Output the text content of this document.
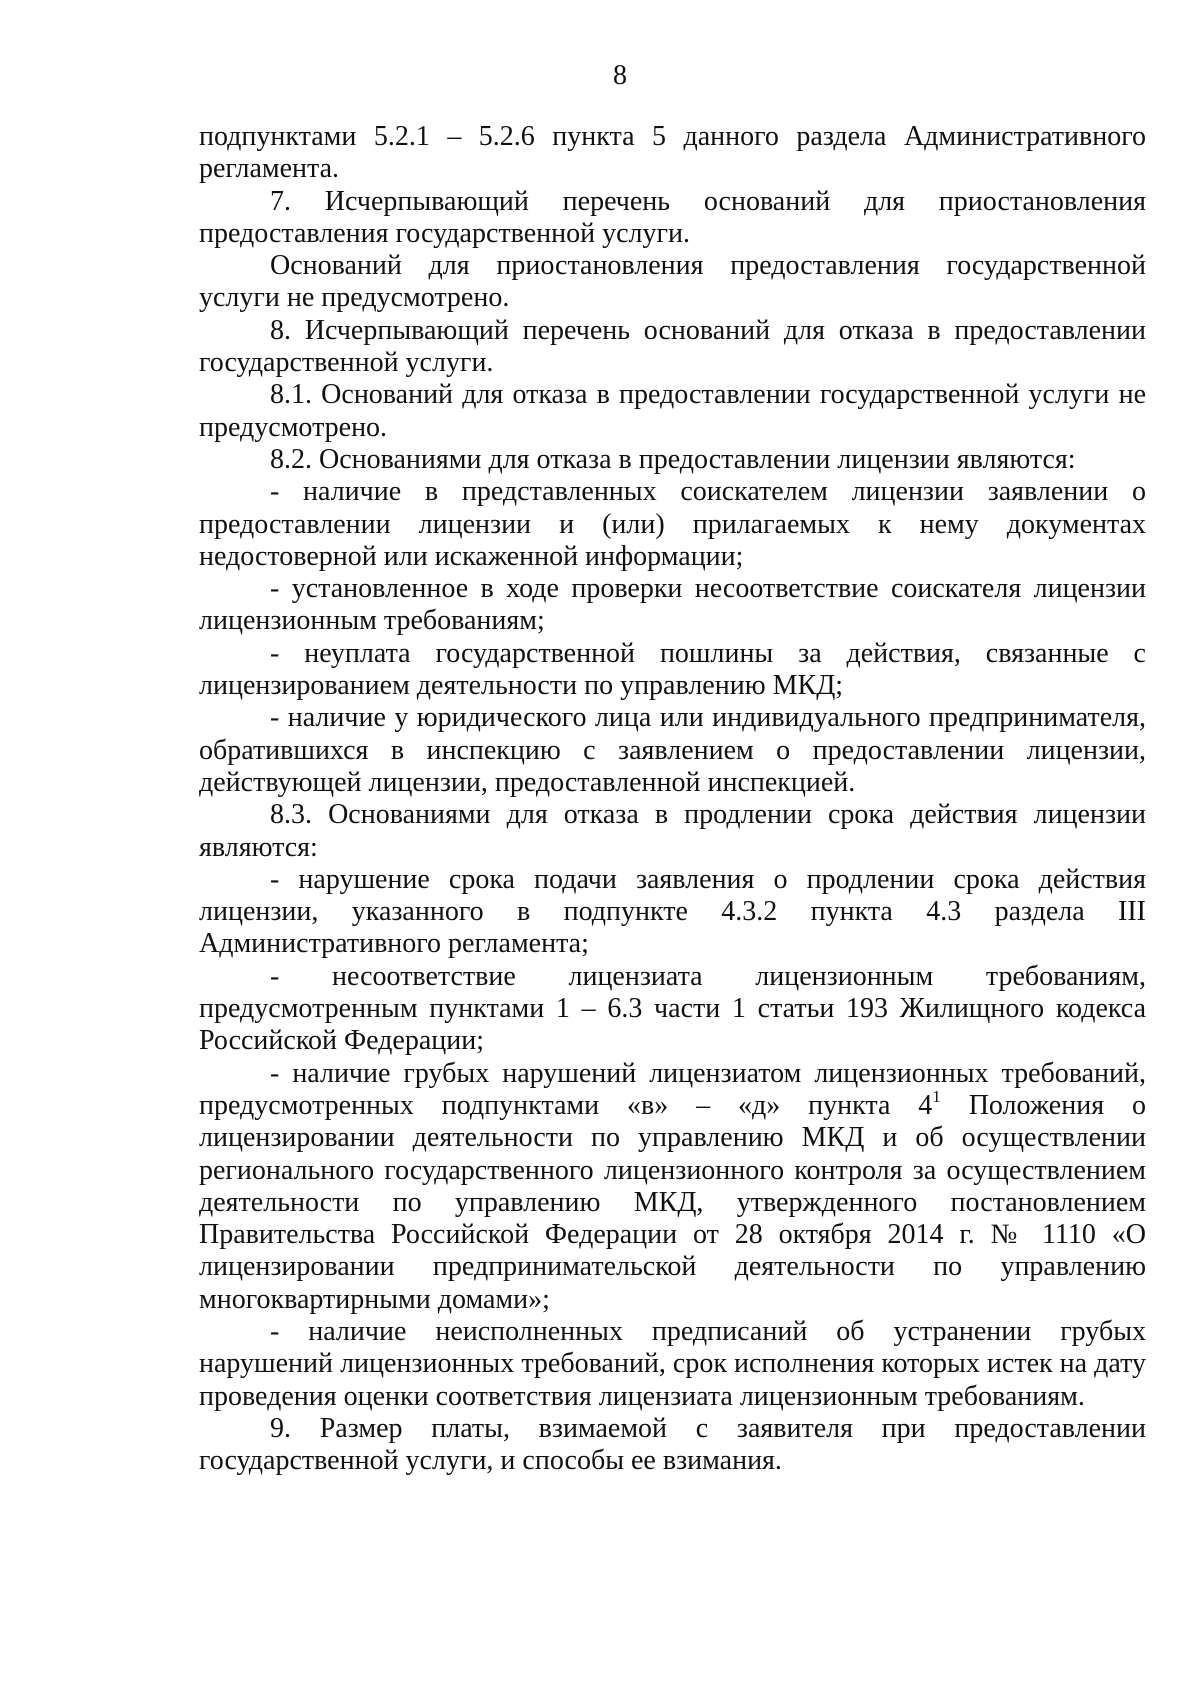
8

подпунктами 5.2.1 – 5.2.6 пункта 5 данного раздела Административного регламента.

7. Исчерпывающий перечень оснований для приостановления предоставления государственной услуги.

Оснований для приостановления предоставления государственной услуги не предусмотрено.

8. Исчерпывающий перечень оснований для отказа в предоставлении государственной услуги.

8.1. Оснований для отказа в предоставлении государственной услуги не предусмотрено.

8.2. Основаниями для отказа в предоставлении лицензии являются:

- наличие в представленных соискателем лицензии заявлении о предоставлении лицензии и (или) прилагаемых к нему документах недостоверной или искаженной информации;

- установленное в ходе проверки несоответствие соискателя лицензии лицензионным требованиям;

- неуплата государственной пошлины за действия, связанные с лицензированием деятельности по управлению МКД;

- наличие у юридического лица или индивидуального предпринимателя, обратившихся в инспекцию с заявлением о предоставлении лицензии, действующей лицензии, предоставленной инспекцией.

8.3. Основаниями для отказа в продлении срока действия лицензии являются:

- нарушение срока подачи заявления о продлении срока действия лицензии, указанного в подпункте 4.3.2 пункта 4.3 раздела III Административного регламента;

- несоответствие лицензиата лицензионным требованиям, предусмотренным пунктами 1 – 6.3 части 1 статьи 193 Жилищного кодекса Российской Федерации;

- наличие грубых нарушений лицензиатом лицензионных требований, предусмотренных подпунктами «в» – «д» пункта $4^1$ Положения о лицензировании деятельности по управлению МКД и об осуществлении регионального государственного лицензионного контроля за осуществлением деятельности по управлению МКД, утвержденного постановлением Правительства Российской Федерации от 28 октября 2014 г. № 1110 «О лицензировании предпринимательской деятельности по управлению многоквартирными домами»;

- наличие неисполненных предписаний об устранении грубых нарушений лицензионных требований, срок исполнения которых истек на дату проведения оценки соответствия лицензиата лицензионным требованиям.

9. Размер платы, взимаемой с заявителя при предоставлении государственной услуги, и способы ее взимания.
